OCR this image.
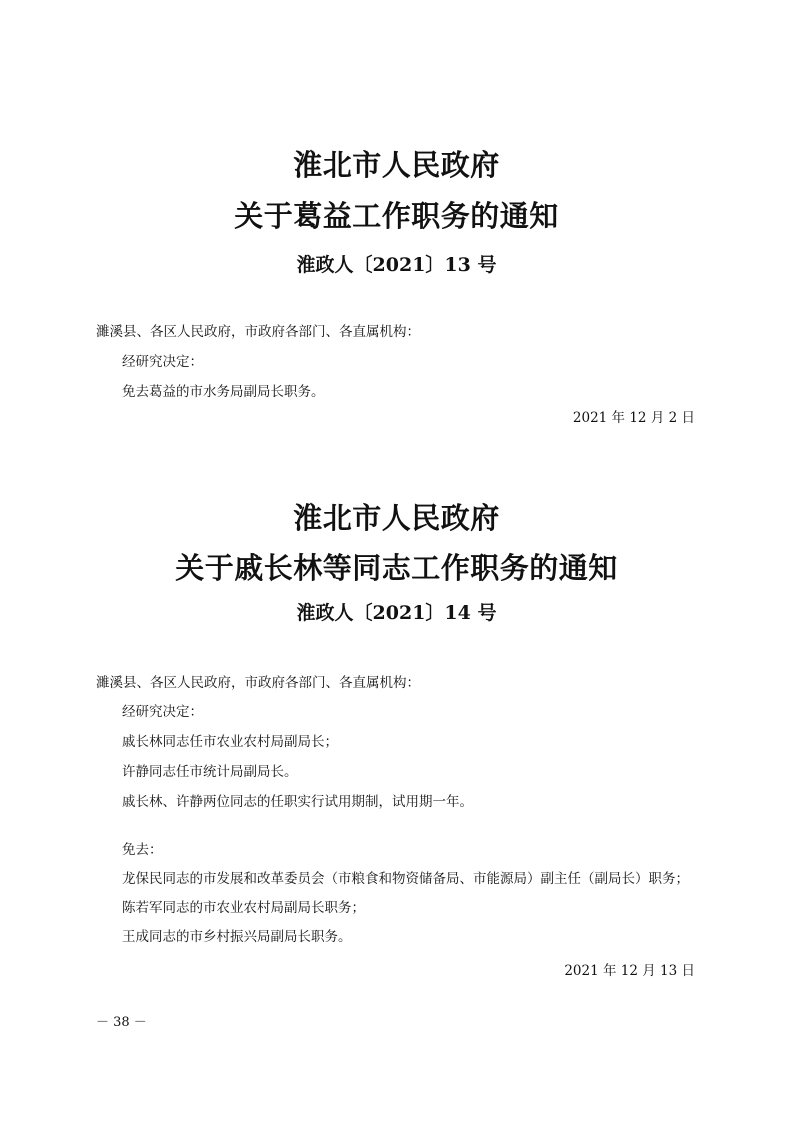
淮北市人民政府
关于葛益工作职务的通知
淮政人〔2021〕13 号
濉溪县、各区人民政府，市政府各部门、各直属机构：
经研究决定：
免去葛益的市水务局副局长职务。
2021 年 12 月 2 日
淮北市人民政府
关于戚长林等同志工作职务的通知
淮政人〔2021〕14 号
濉溪县、各区人民政府，市政府各部门、各直属机构：
经研究决定：
戚长林同志任市农业农村局副局长；
许静同志任市统计局副局长。
戚长林、许静两位同志的任职实行试用期制，试用期一年。
免去：
龙保民同志的市发展和改革委员会（市粮食和物资储备局、市能源局）副主任（副局长）职务；
陈若军同志的市农业农村局副局长职务；
王成同志的市乡村振兴局副局长职务。
2021 年 12 月 13 日
－ 38 －
